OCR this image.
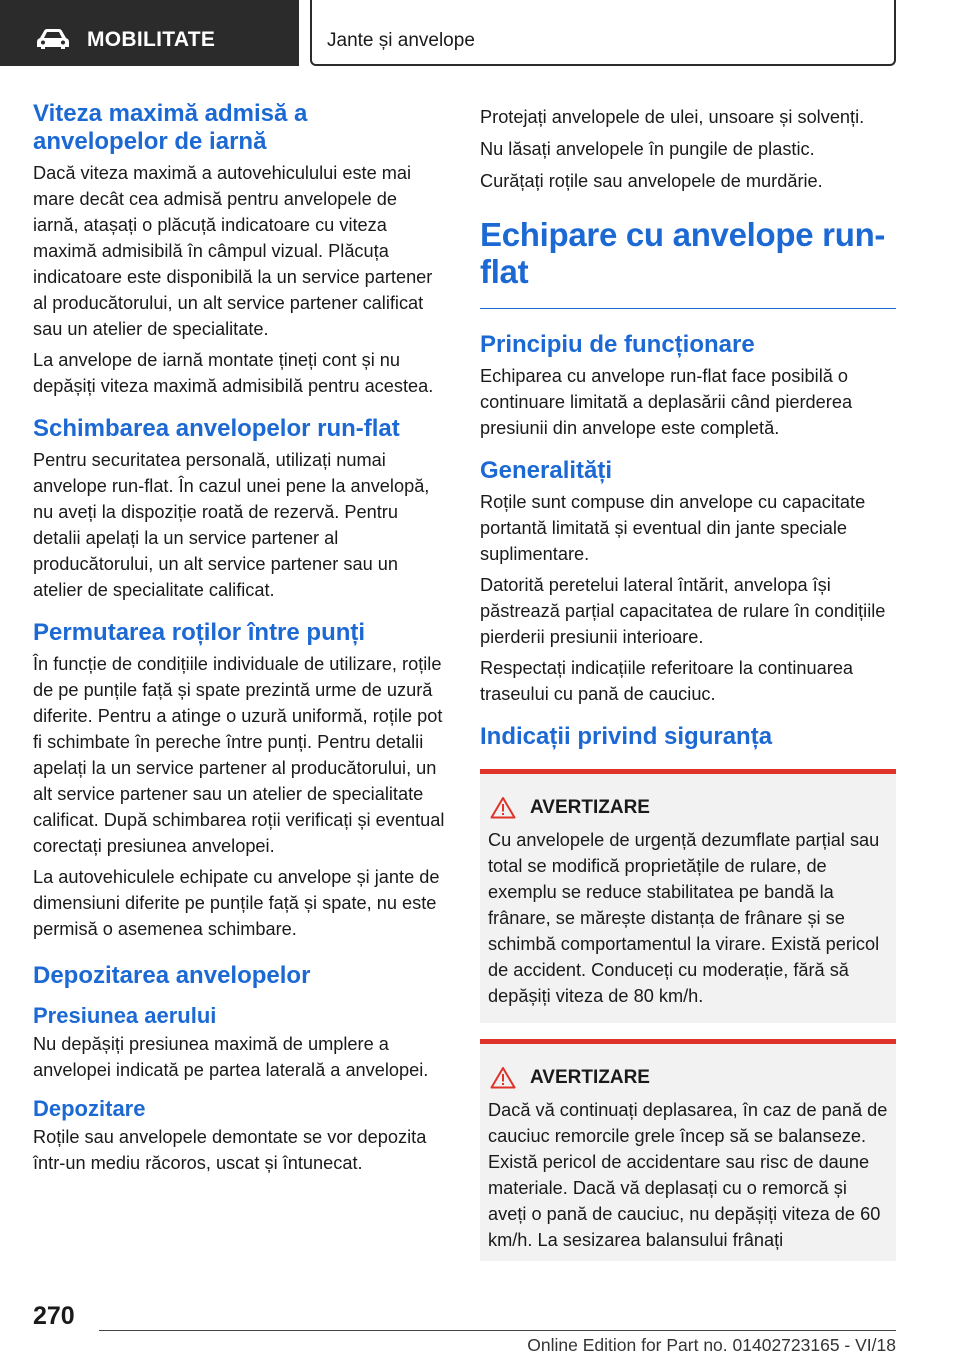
MOBILITATE	Jante și anvelope
Viteza maximă admisă a anvelopelor de iarnă
Dacă viteza maximă a autovehiculului este mai mare decât cea admisă pentru anvelopele de iarnă, atașați o plăcuță indicatoare cu viteza maximă admisibilă în câmpul vizual. Plăcuța indicatoare este disponibilă la un service partener al producătorului, un alt service partener calificat sau un atelier de specialitate.
La anvelope de iarnă montate țineți cont și nu depășiți viteza maximă admisibilă pentru acestea.
Schimbarea anvelopelor run-flat
Pentru securitatea personală, utilizați numai anvelope run-flat. În cazul unei pene la anvelopă, nu aveți la dispoziție roată de rezervă. Pentru detalii apelați la un service partener al producătorului, un alt service partener sau un atelier de specialitate calificat.
Permutarea roților între punți
În funcție de condițiile individuale de utilizare, roțile de pe punțile față și spate prezintă urme de uzură diferite. Pentru a atinge o uzură uniformă, roțile pot fi schimbate în pereche între punți. Pentru detalii apelați la un service partener al producătorului, un alt service partener sau un atelier de specialitate calificat. După schimbarea roții verificați și eventual corectați presiunea anvelopei.
La autovehiculele echipate cu anvelope și jante de dimensiuni diferite pe punțile față și spate, nu este permisă o asemenea schimbare.
Depozitarea anvelopelor
Presiunea aerului
Nu depășiți presiunea maximă de umplere a anvelopei indicată pe partea laterală a anvelopei.
Depozitare
Roțile sau anvelopele demontate se vor depozita într-un mediu răcoros, uscat și întunecat.
Protejați anvelopele de ulei, unsoare și solvenți.
Nu lăsați anvelopele în pungile de plastic.
Curățați roțile sau anvelopele de murdărie.
Echipare cu anvelope run-flat
Principiu de funcționare
Echiparea cu anvelope run-flat face posibilă o continuare limitată a deplasării când pierderea presiunii din anvelope este completă.
Generalități
Roțile sunt compuse din anvelope cu capacitate portantă limitată și eventual din jante speciale suplimentare.
Datorită peretelui lateral întărit, anvelopa își păstrează parțial capacitatea de rulare în condițiile pierderii presiunii interioare.
Respectați indicațiile referitoare la continuarea traseului cu pană de cauciuc.
Indicații privind siguranța
AVERTIZARE
Cu anvelopele de urgență dezumflate parțial sau total se modifică proprietățile de rulare, de exemplu se reduce stabilitatea pe bandă la frânare, se mărește distanța de frânare și se schimbă comportamentul la virare. Există pericol de accident. Conduceți cu moderație, fără să depășiți viteza de 80 km/h.
AVERTIZARE
Dacă vă continuați deplasarea, în caz de pană de cauciuc remorcile grele încep să se balanseze. Există pericol de accidentare sau risc de daune materiale. Dacă vă deplasați cu o remorcă și aveți o pană de cauciuc, nu depășiți viteza de 60 km/h. La sesizarea balansului frânați
270
Online Edition for Part no. 01402723165 - VI/18
